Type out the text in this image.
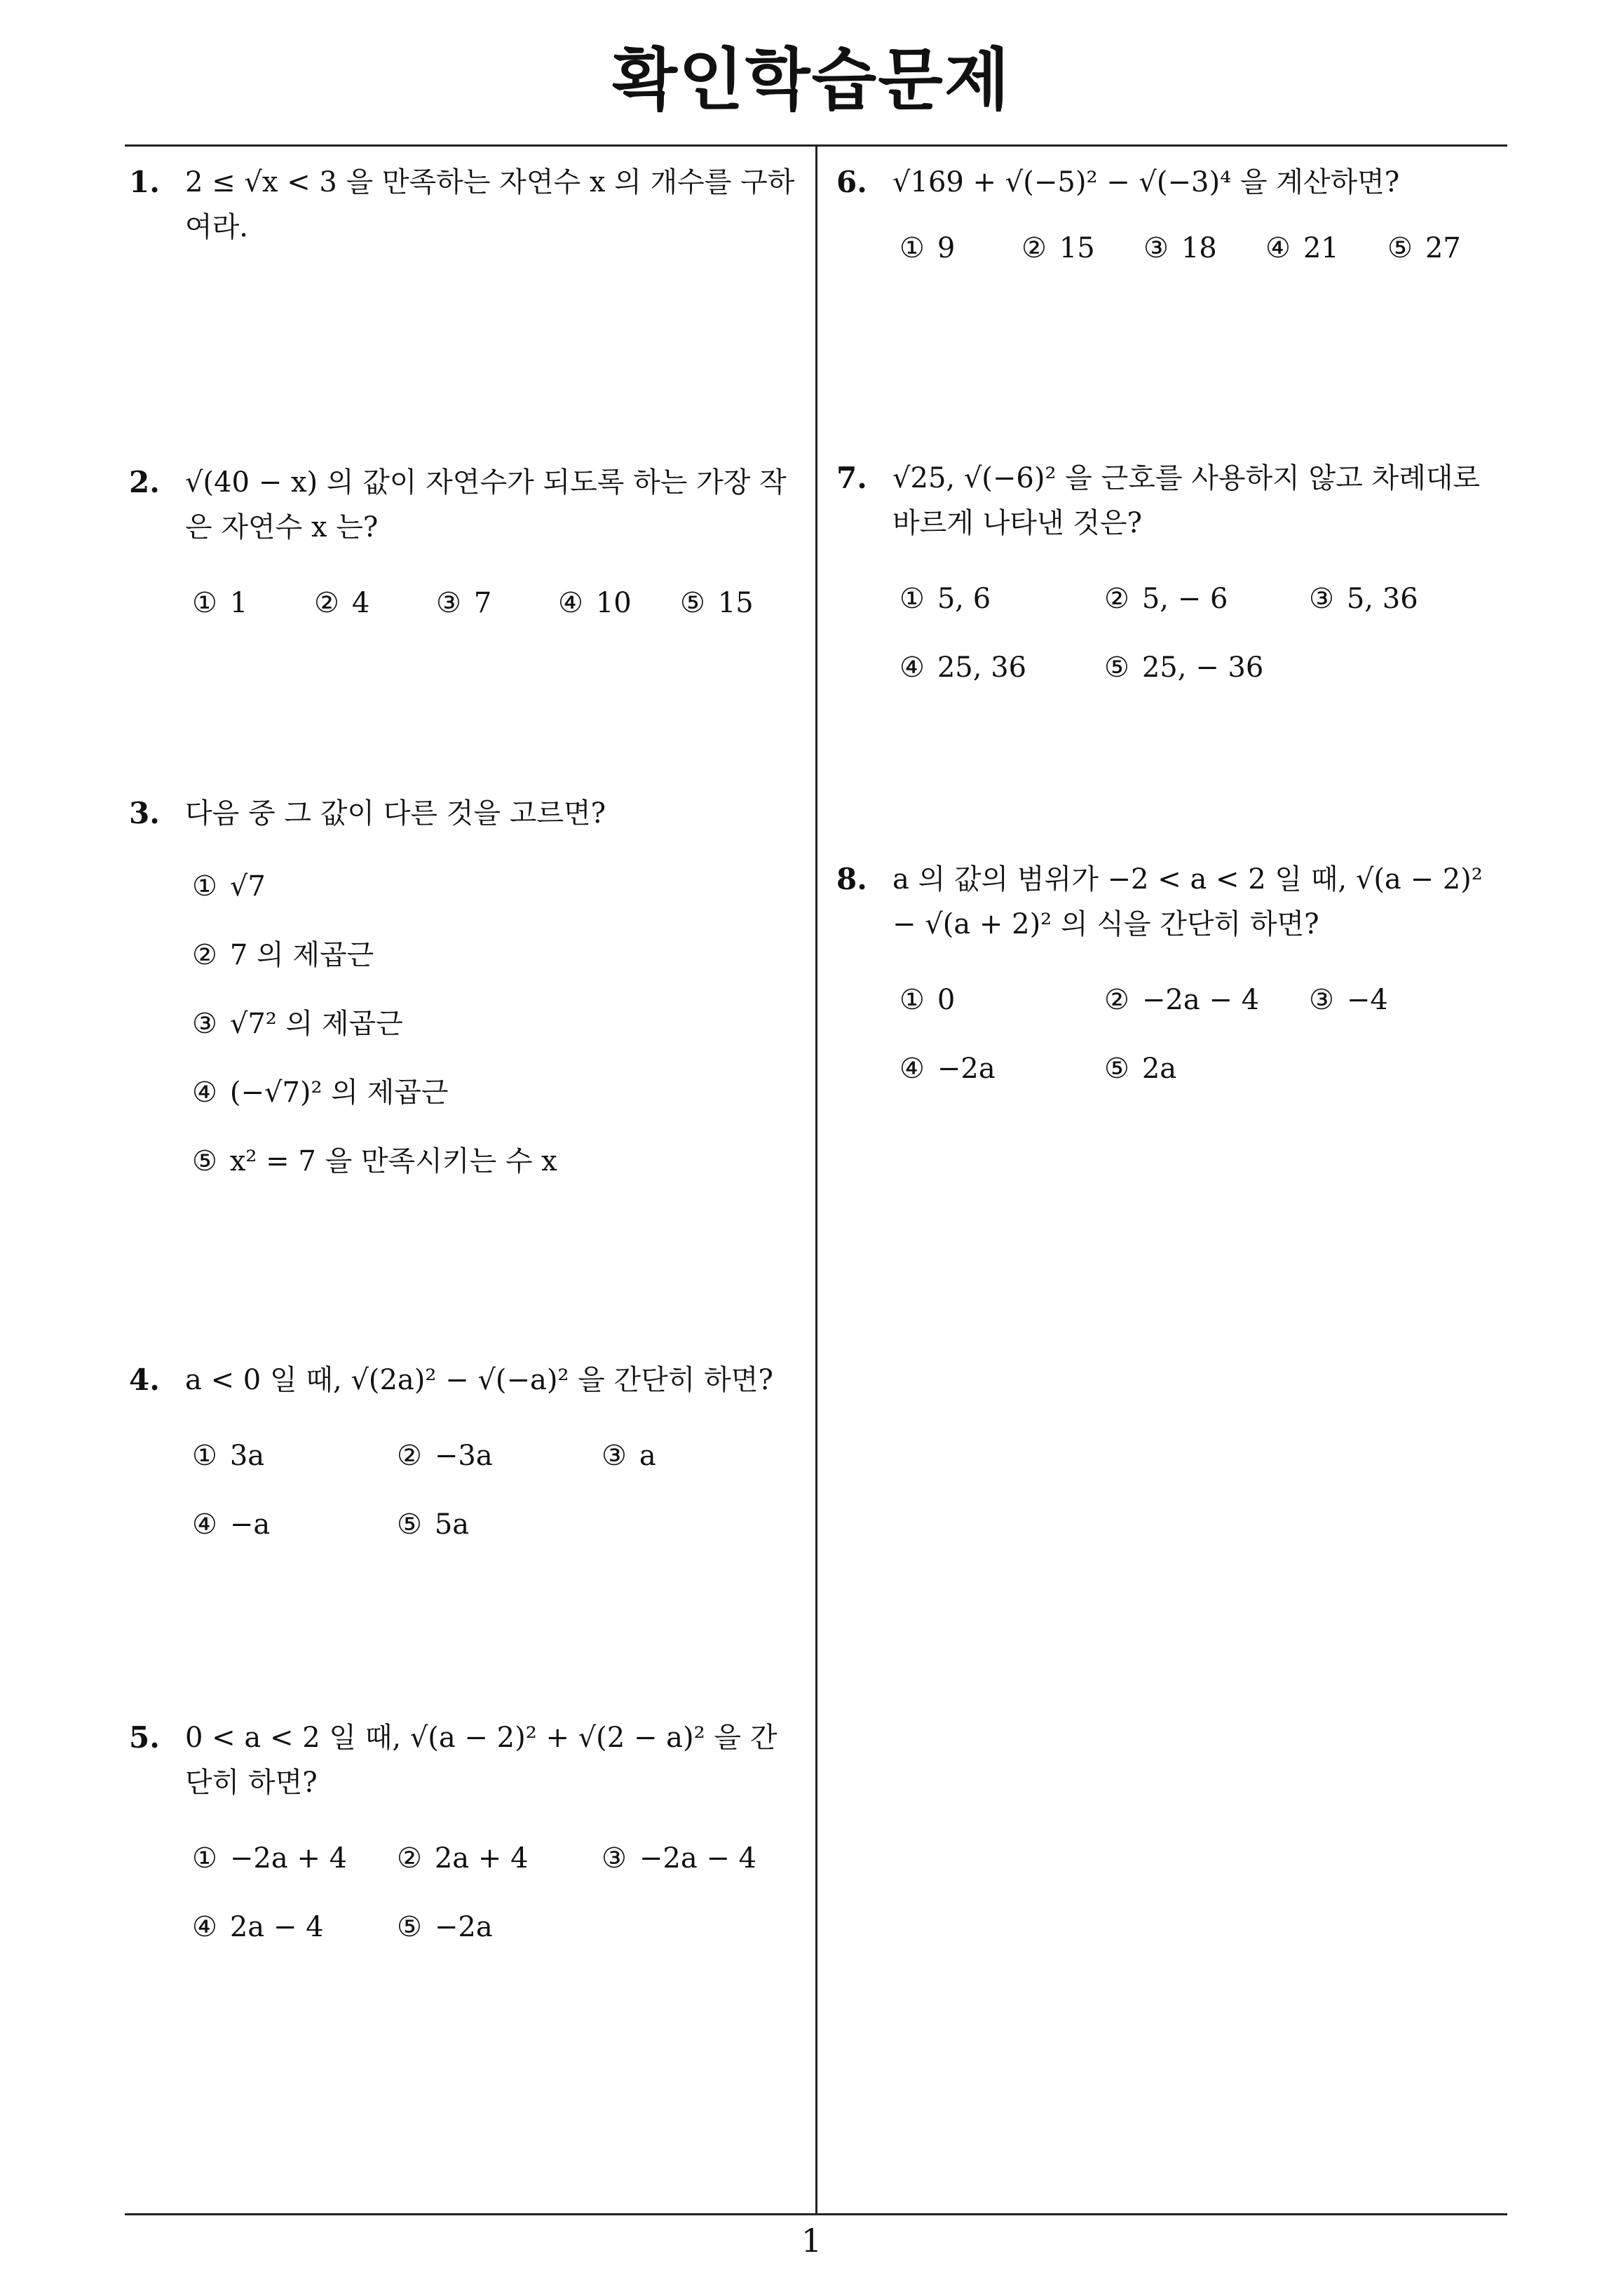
확인학습문제
1. 2 ≤ √x < 3 을 만족하는 자연수 x 의 개수를 구하여라.
2. √(40 − x) 의 값이 자연수가 되도록 하는 가장 작은 자연수 x 는?
① 1	② 4	③ 7	④ 10	⑤ 15
3. 다음 중 그 값이 다른 것을 고르면?
① √7
② 7 의 제곱근
③ √7² 의 제곱근
④ (−√7)² 의 제곱근
⑤ x² = 7 을 만족시키는 수 x
4. a < 0 일 때, √(2a)² − √(−a)² 을 간단히 하면?
① 3a	② −3a	③ a
④ −a	⑤ 5a
5. 0 < a < 2 일 때, √(a − 2)² + √(2 − a)² 을 간단히 하면?
① −2a + 4	② 2a + 4	③ −2a − 4
④ 2a − 4	⑤ −2a
6. √169 + √(−5)² − √(−3)⁴ 을 계산하면?
① 9	② 15	③ 18	④ 21	⑤ 27
7. √25, √(−6)² 을 근호를 사용하지 않고 차례대로 바르게 나타낸 것은?
① 5, 6	② 5, − 6	③ 5, 36
④ 25, 36	⑤ 25, − 36
8. a 의 값의 범위가 −2 < a < 2 일 때, √(a − 2)² − √(a + 2)² 의 식을 간단히 하면?
① 0	② −2a − 4	③ −4
④ −2a	⑤ 2a
1
